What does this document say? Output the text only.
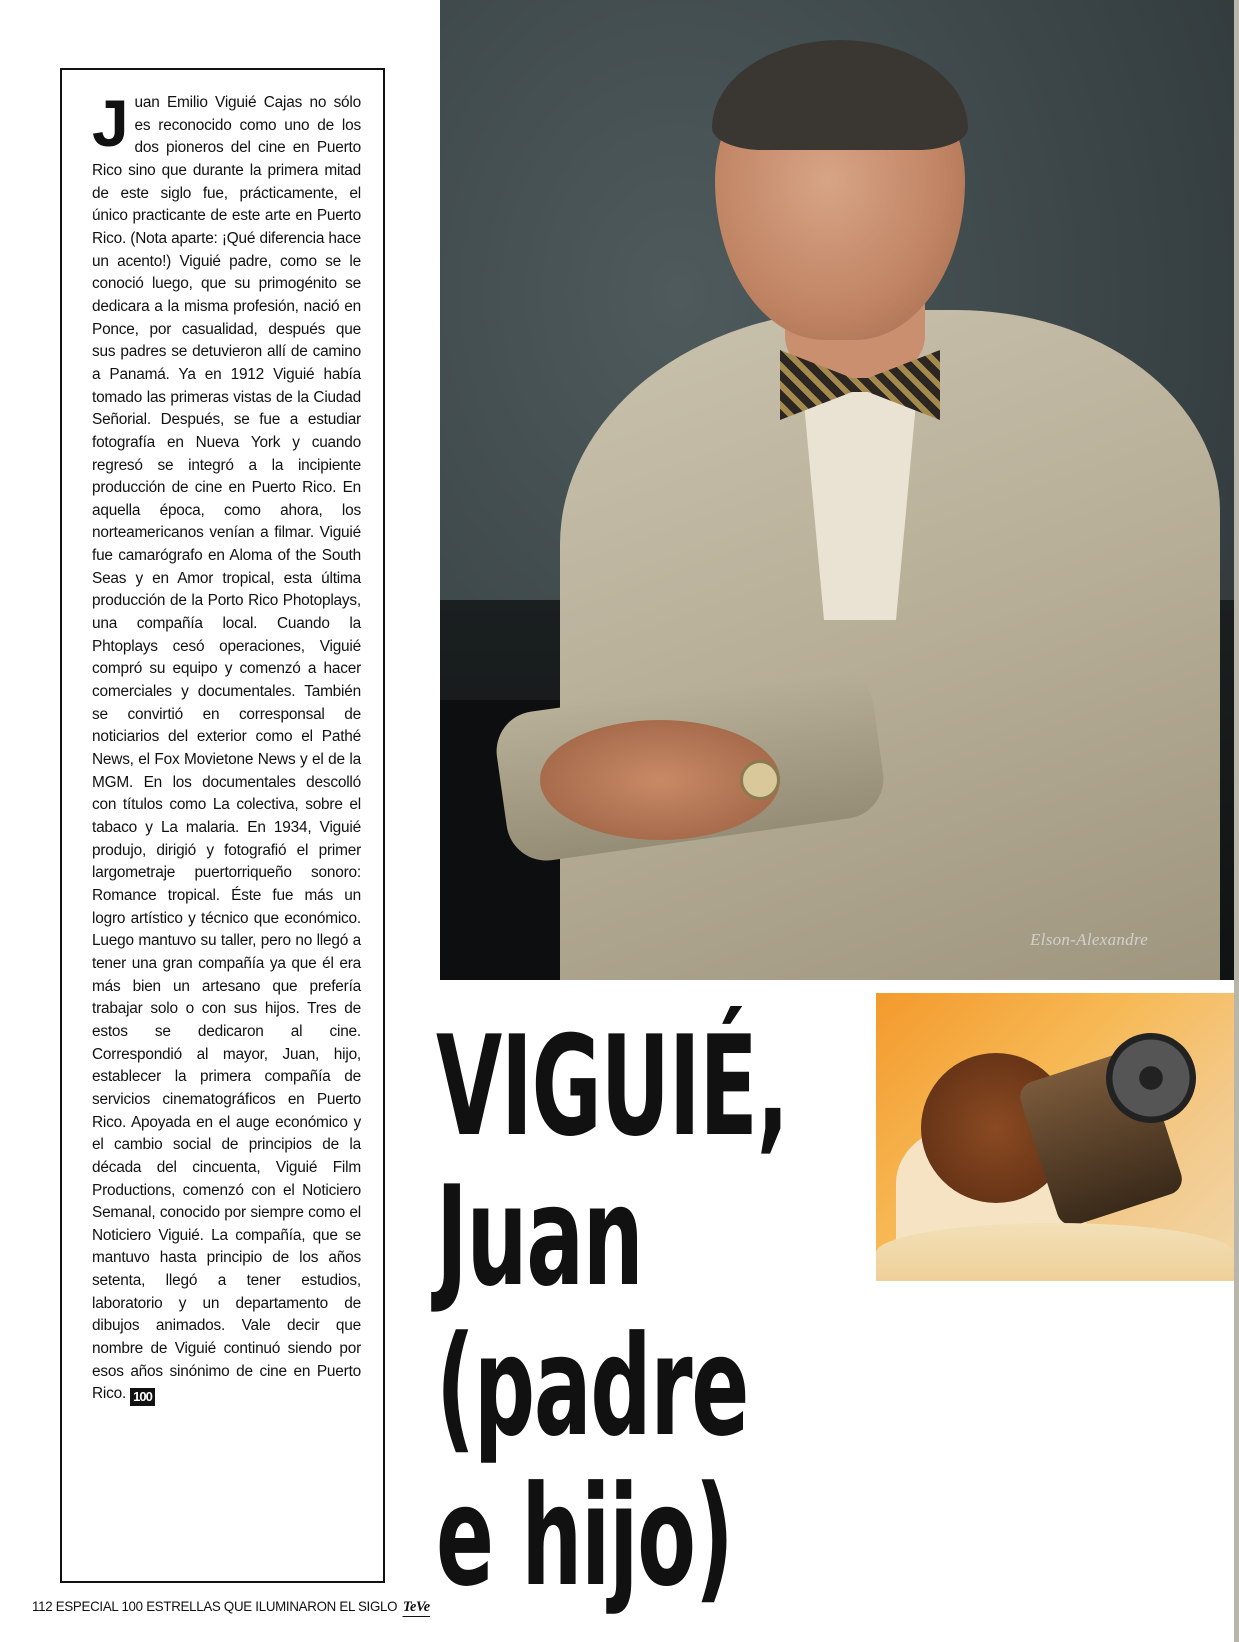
Juan Emilio Viguié Cajas no sólo es reconocido como uno de los dos pioneros del cine en Puerto Rico sino que durante la primera mitad de este siglo fue, prácticamente, el único practicante de este arte en Puerto Rico. (Nota aparte: ¡Qué diferencia hace un acento!) Viguié padre, como se le conoció luego, que su primogénito se dedicara a la misma profesión, nació en Ponce, por casualidad, después que sus padres se detuvieron allí de camino a Panamá. Ya en 1912 Viguié había tomado las primeras vistas de la Ciudad Señorial. Después, se fue a estudiar fotografía en Nueva York y cuando regresó se integró a la incipiente producción de cine en Puerto Rico. En aquella época, como ahora, los norteamericanos venían a filmar. Viguié fue camarógrafo en Aloma of the South Seas y en Amor tropical, esta última producción de la Porto Rico Photoplays, una compañía local. Cuando la Phtoplays cesó operaciones, Viguié compró su equipo y comenzó a hacer comerciales y documentales. También se convirtió en corresponsal de noticiarios del exterior como el Pathé News, el Fox Movietone News y el de la MGM. En los documentales descolló con títulos como La colectiva, sobre el tabaco y La malaria. En 1934, Viguié produjo, dirigió y fotografió el primer largometraje puertorriqueño sonoro: Romance tropical. Éste fue más un logro artístico y técnico que económico. Luego mantuvo su taller, pero no llegó a tener una gran compañía ya que él era más bien un artesano que prefería trabajar solo o con sus hijos. Tres de estos se dedicaron al cine. Correspondió al mayor, Juan, hijo, establecer la primera compañía de servicios cinematográficos en Puerto Rico. Apoyada en el auge económico y el cambio social de principios de la década del cincuenta, Viguié Film Productions, comenzó con el Noticiero Semanal, conocido por siempre como el Noticiero Viguié. La compañía, que se mantuvo hasta principio de los años setenta, llegó a tener estudios, laboratorio y un departamento de dibujos animados. Vale decir que nombre de Viguié continuó siendo por esos años sinónimo de cine en Puerto Rico. 100
Elson-Alexandre
VIGUIÉ,
Juan
(padre
e hijo)
112 ESPECIAL 100 ESTRELLAS QUE ILUMINARON EL SIGLO TeVe
